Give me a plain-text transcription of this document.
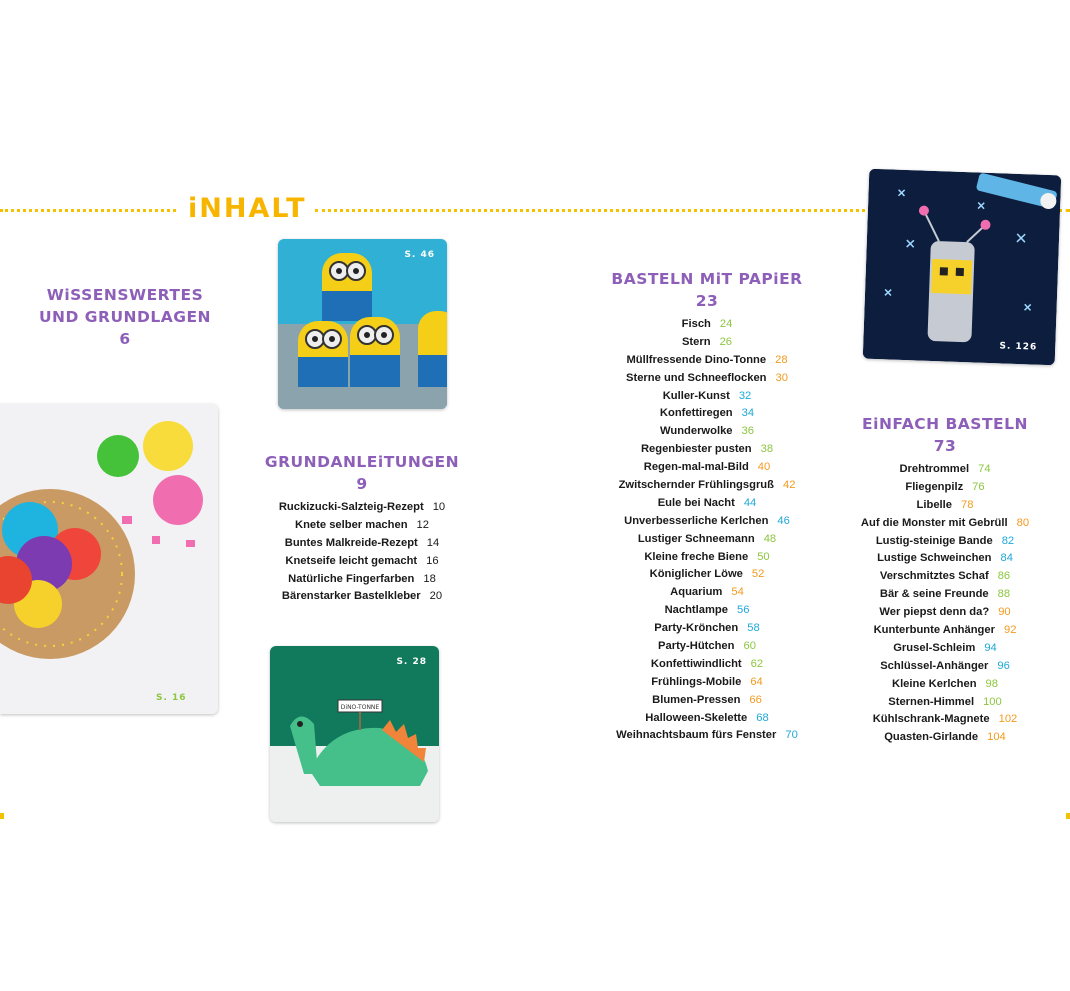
iNHALT
WiSSENSWERTES
UND GRUNDLAGEN
6
GRUNDANLEiTUNGEN
9
Ruckizucki-Salzteig-Rezept 10
Knete selber machen 12
Buntes Malkreide-Rezept 14
Knetseife leicht gemacht 16
Natürliche Fingerfarben 18
Bärenstarker Bastelkleber 20
BASTELN MiT PAPiER
23
Fisch 24
Stern 26
Müllfressende Dino-Tonne 28
Sterne und Schneeflocken 30
Kuller-Kunst 32
Konfettiregen 34
Wunderwolke 36
Regenbiester pusten 38
Regen-mal-mal-Bild 40
Zwitschernder Frühlingsgruß 42
Eule bei Nacht 44
Unverbesserliche Kerlchen 46
Lustiger Schneemann 48
Kleine freche Biene 50
Königlicher Löwe 52
Aquarium 54
Nachtlampe 56
Party-Krönchen 58
Party-Hütchen 60
Konfettiwindlicht 62
Frühlings-Mobile 64
Blumen-Pressen 66
Halloween-Skelette 68
Weihnachtsbaum fürs Fenster 70
EiNFACH BASTELN
73
Drehtrommel 74
Fliegenpilz 76
Libelle 78
Auf die Monster mit Gebrüll 80
Lustig-steinige Bande 82
Lustige Schweinchen 84
Verschmitztes Schaf 86
Bär & seine Freunde 88
Wer piepst denn da? 90
Kunterbunte Anhänger 92
Grusel-Schleim 94
Schlüssel-Anhänger 96
Kleine Kerlchen 98
Sternen-Himmel 100
Kühlschrank-Magnete 102
Quasten-Girlande 104
S. 46
S. 16
DiNO-TONNE
S. 28
S. 126
